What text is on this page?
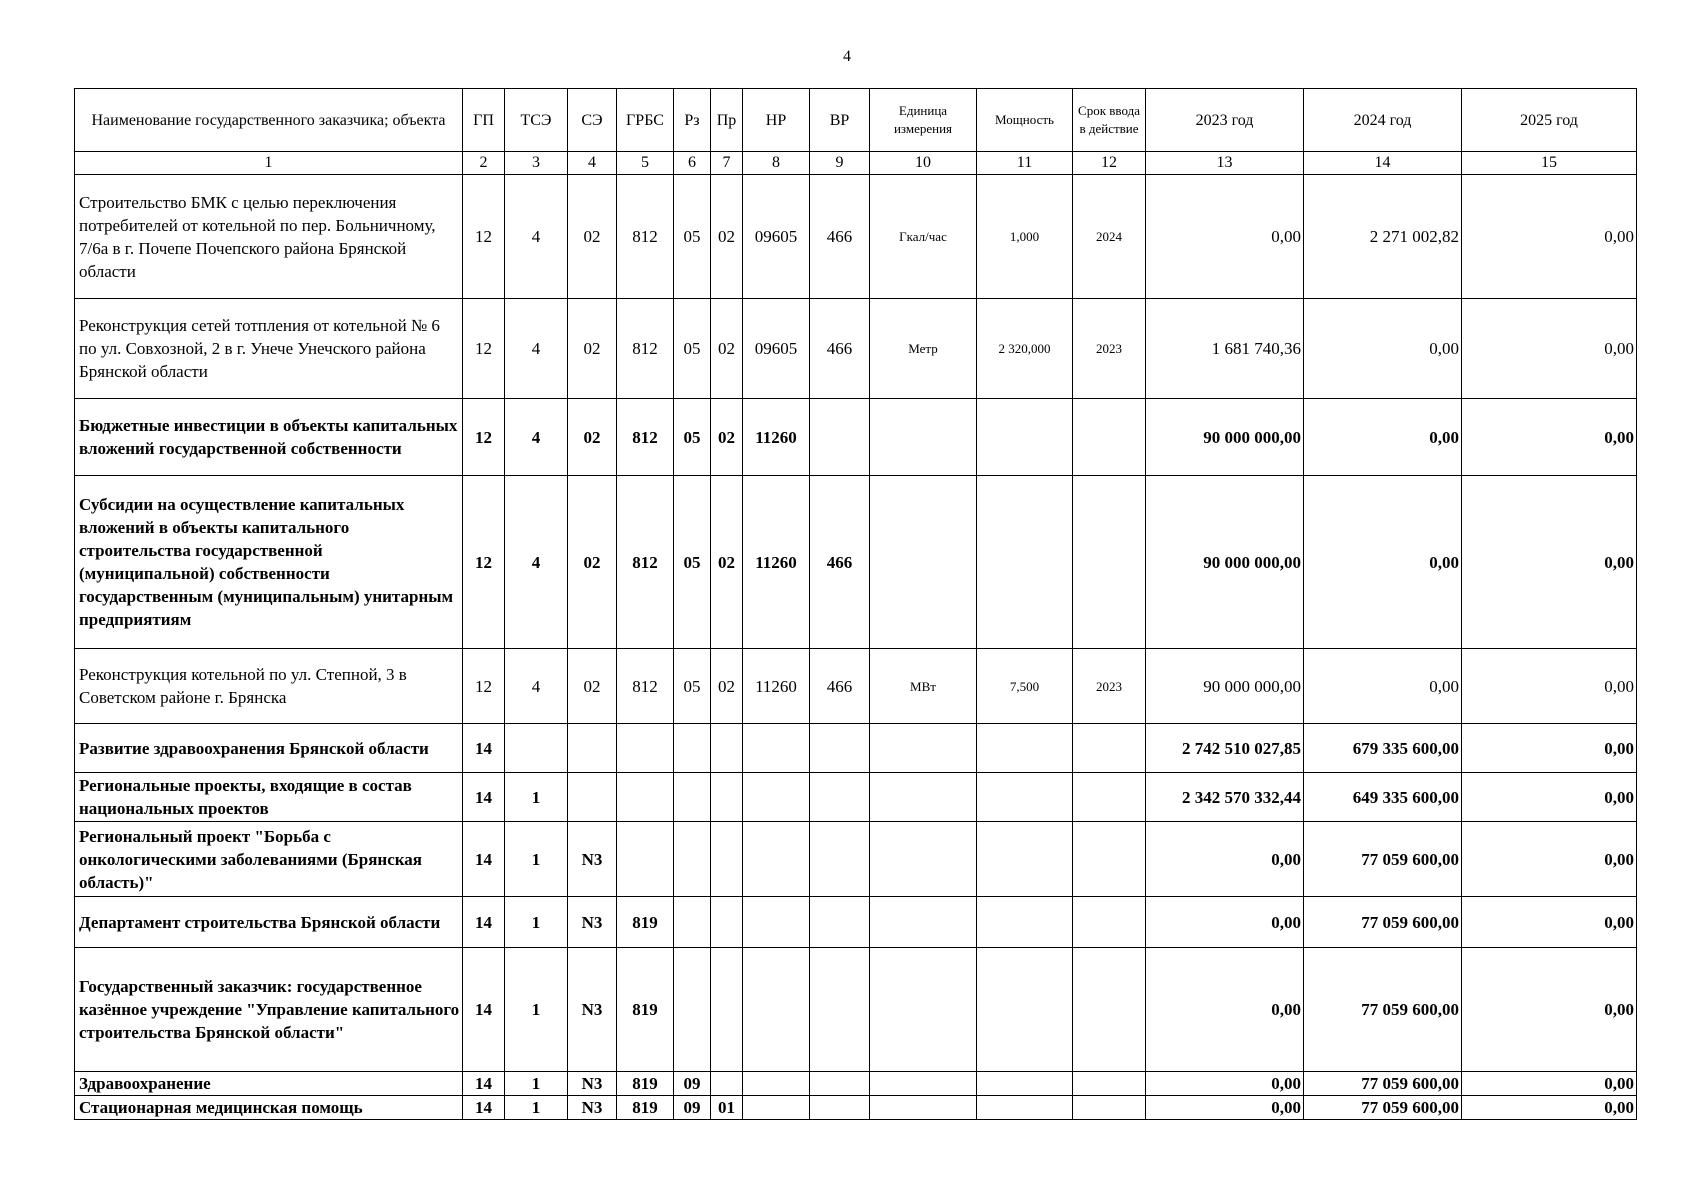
4
Наименование государственного заказчика; объекта	ГП	ТСЭ	СЭ	ГРБС	Рз	Пр	НР	ВР	Единица измерения	Мощность	Срок ввода в действие	2023 год	2024 год	2025 год
1	2	3	4	5	6	7	8	9	10	11	12	13	14	15
Строительство БМК с целью переключения потребителей от котельной по пер. Больничному, 7/6а в г. Почепе Почепского района Брянской области	12	4	02	812	05	02	09605	466	Гкал/час	1,000	2024	0,00	2 271 002,82	0,00
Реконструкция сетей тотпления от котельной № 6 по ул. Совхозной, 2 в г. Унече Унечского района Брянской области	12	4	02	812	05	02	09605	466	Метр	2 320,000	2023	1 681 740,36	0,00	0,00
Бюджетные инвестиции в объекты капитальных вложений государственной собственности	12	4	02	812	05	02	11260					90 000 000,00	0,00	0,00
Субсидии на осуществление капитальных вложений в объекты капитального строительства государственной (муниципальной) собственности государственным (муниципальным) унитарным предприятиям	12	4	02	812	05	02	11260	466				90 000 000,00	0,00	0,00
Реконструкция котельной по ул. Степной, 3 в Советском районе г. Брянска	12	4	02	812	05	02	11260	466	МВт	7,500	2023	90 000 000,00	0,00	0,00
Развитие здравоохранения Брянской области	14											2 742 510 027,85	679 335 600,00	0,00
Региональные проекты, входящие в состав национальных проектов	14	1										2 342 570 332,44	649 335 600,00	0,00
Региональный проект "Борьба с онкологическими заболеваниями (Брянская область)"	14	1	N3									0,00	77 059 600,00	0,00
Департамент строительства Брянской области	14	1	N3	819								0,00	77 059 600,00	0,00
Государственный заказчик: государственное казённое учреждение "Управление капитального строительства Брянской области"	14	1	N3	819								0,00	77 059 600,00	0,00
Здравоохранение	14	1	N3	819	09							0,00	77 059 600,00	0,00
Стационарная медицинская помощь	14	1	N3	819	09	01						0,00	77 059 600,00	0,00
